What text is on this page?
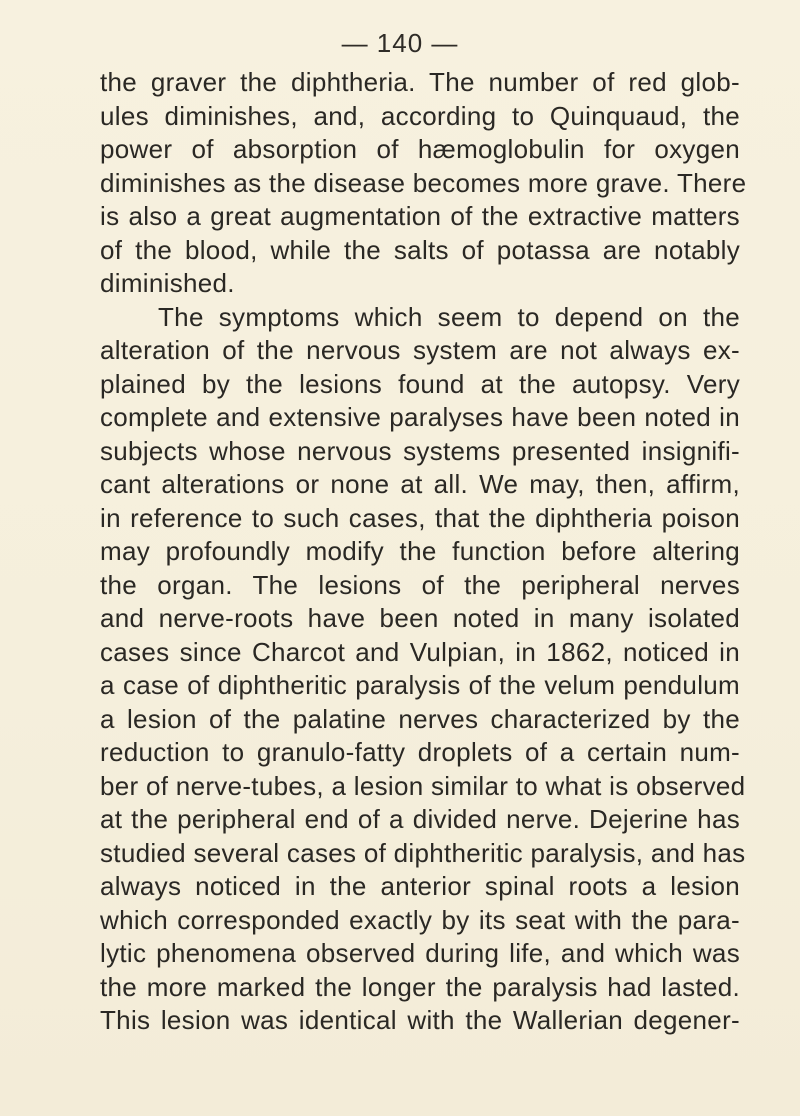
— 140 —
the graver the diphtheria. The number of red glob-
ules diminishes, and, according to Quinquaud, the
power of absorption of hæmoglobulin for oxygen
diminishes as the disease becomes more grave. There
is also a great augmentation of the extractive matters
of the blood, while the salts of potassa are notably
diminished.
The symptoms which seem to depend on the
alteration of the nervous system are not always ex-
plained by the lesions found at the autopsy. Very
complete and extensive paralyses have been noted in
subjects whose nervous systems presented insignifi-
cant alterations or none at all. We may, then, affirm,
in reference to such cases, that the diphtheria poison
may profoundly modify the function before altering
the organ. The lesions of the peripheral nerves
and nerve-roots have been noted in many isolated
cases since Charcot and Vulpian, in 1862, noticed in
a case of diphtheritic paralysis of the velum pendulum
a lesion of the palatine nerves characterized by the
reduction to granulo-fatty droplets of a certain num-
ber of nerve-tubes, a lesion similar to what is observed
at the peripheral end of a divided nerve. Dejerine has
studied several cases of diphtheritic paralysis, and has
always noticed in the anterior spinal roots a lesion
which corresponded exactly by its seat with the para-
lytic phenomena observed during life, and which was
the more marked the longer the paralysis had lasted.
This lesion was identical with the Wallerian degener-
